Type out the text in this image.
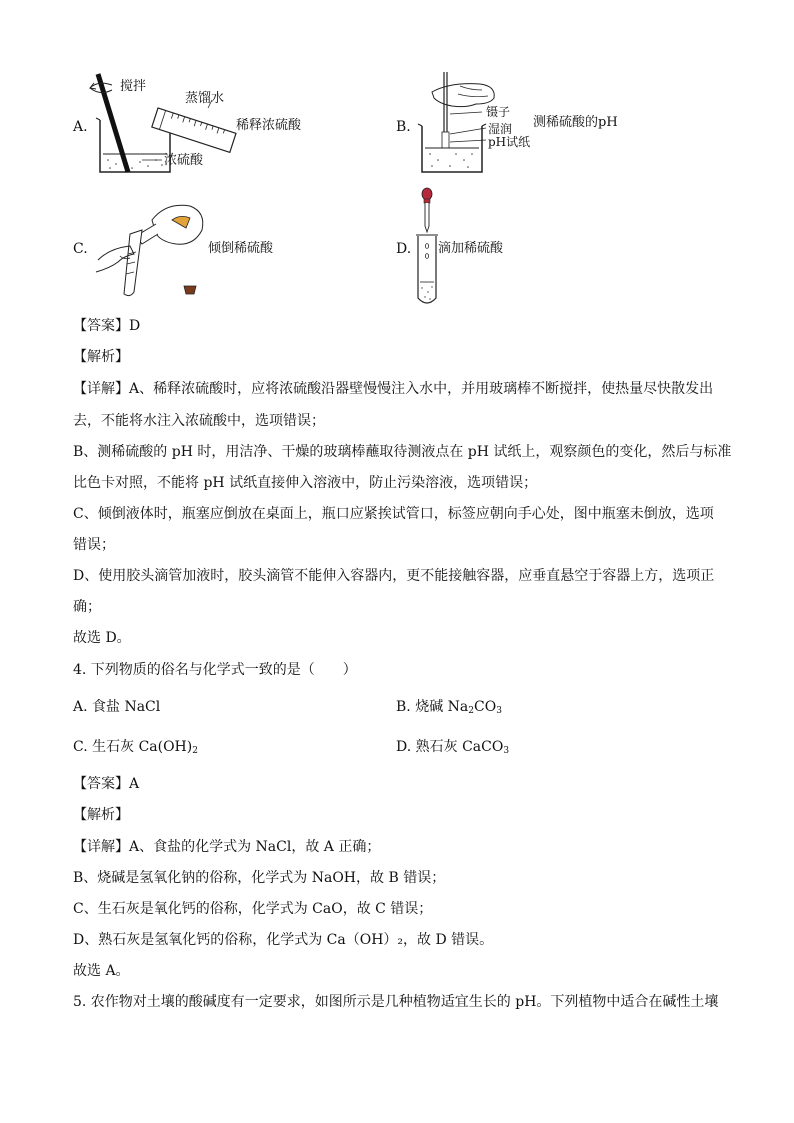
A.
搅拌
蒸馏水
稀释浓硫酸
浓硫酸
B.
镊子
湿润
pH试纸
测稀硫酸的pH
C.	倾倒稀硫酸	D. 滴加稀硫酸
【答案】D
【解析】
【详解】A、稀释浓硫酸时，应将浓硫酸沿器壁慢慢注入水中，并用玻璃棒不断搅拌，使热量尽快散发出
去，不能将水注入浓硫酸中，选项错误；
B、测稀硫酸的 pH 时，用洁净、干燥的玻璃棒蘸取待测液点在 pH 试纸上，观察颜色的变化，然后与标准
比色卡对照，不能将 pH 试纸直接伸入溶液中，防止污染溶液，选项错误；
C、倾倒液体时，瓶塞应倒放在桌面上，瓶口应紧挨试管口，标签应朝向手心处，图中瓶塞未倒放，选项
错误；
D、使用胶头滴管加液时，胶头滴管不能伸入容器内，更不能接触容器，应垂直悬空于容器上方，选项正
确；
故选 D。
4. 下列物质的俗名与化学式一致的是（　　）
A. 食盐 NaCl	B. 烧碱 $Na_2CO_3$
C. 生石灰 $Ca(OH)_2$	D. 熟石灰 CaCO$_3$
【答案】A
【解析】
【详解】A、食盐的化学式为 NaCl，故 A 正确；
B、烧碱是氢氧化钠的俗称，化学式为 NaOH，故 B 错误；
C、生石灰是氧化钙的俗称，化学式为 CaO，故 C 错误；
D、熟石灰是氢氧化钙的俗称，化学式为 Ca（OH）₂，故 D 错误。
故选 A。
5. 农作物对土壤的酸碱度有一定要求，如图所示是几种植物适宜生长的 pH。下列植物中适合在碱性土壤
